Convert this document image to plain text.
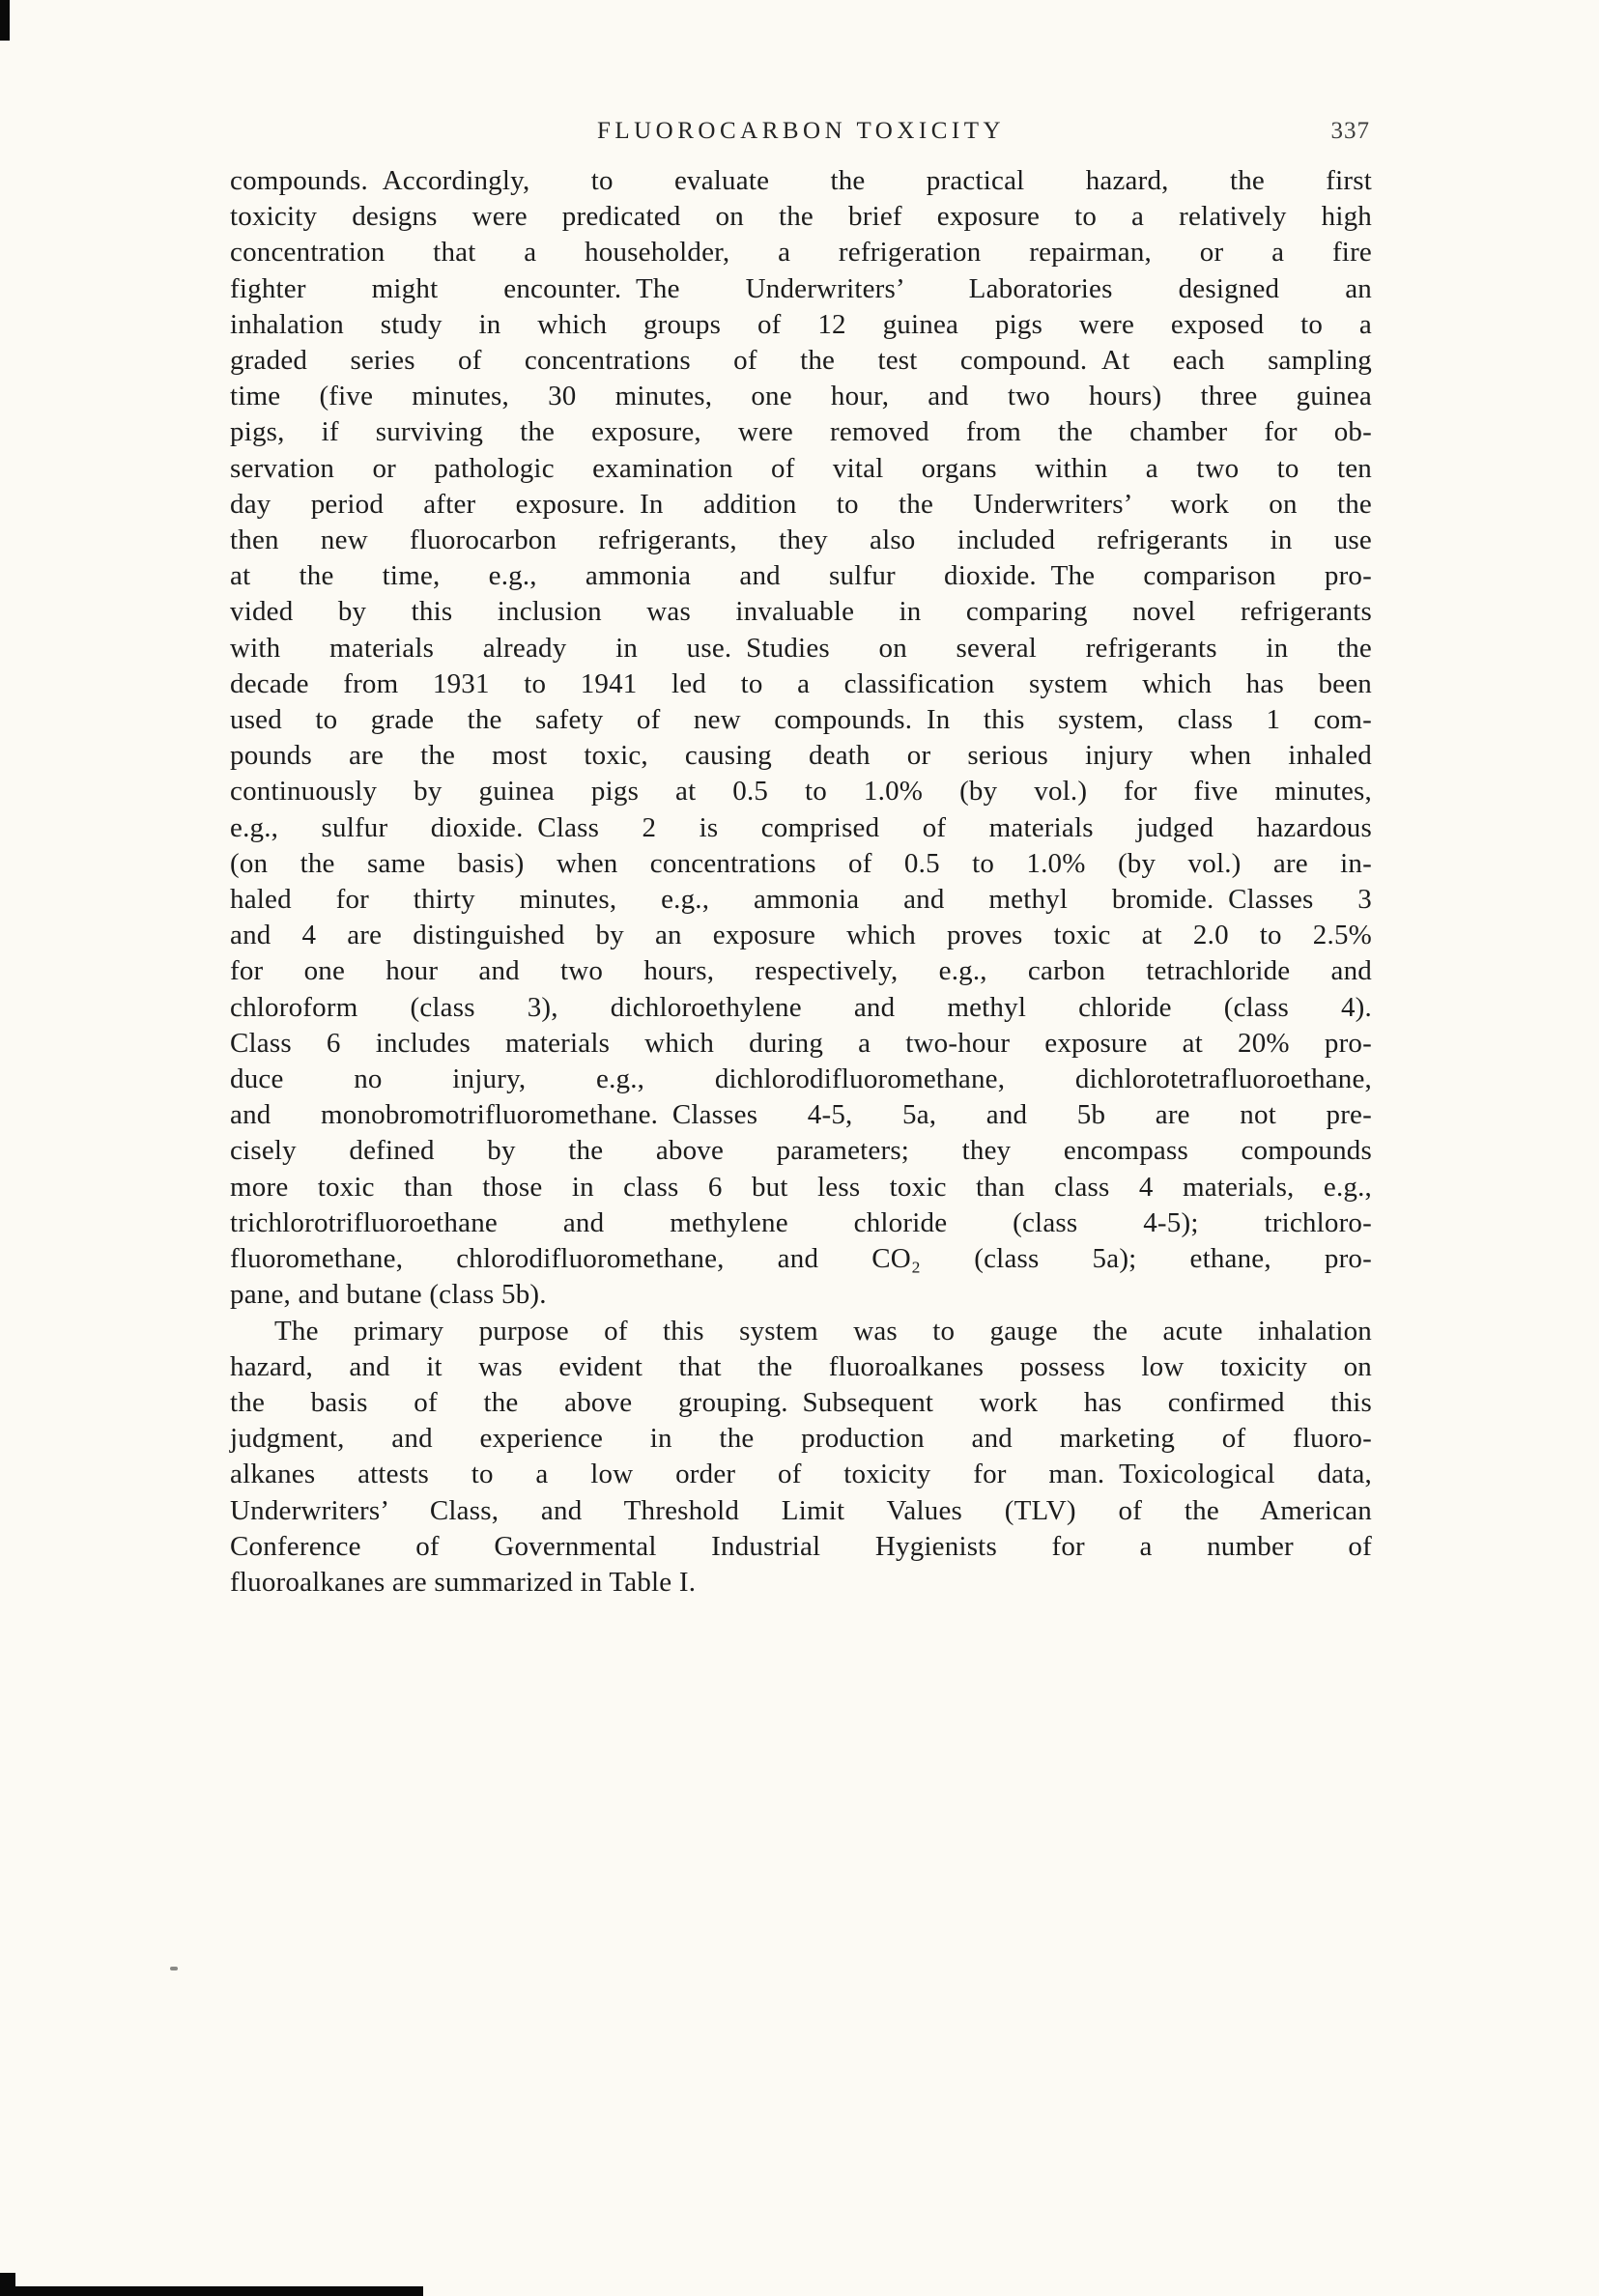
FLUOROCARBON TOXICITY	337
compounds. Accordingly, to evaluate the practical hazard, the first
toxicity designs were predicated on the brief exposure to a relatively high
concentration that a householder, a refrigeration repairman, or a fire
fighter might encounter. The Underwriters’ Laboratories designed an
inhalation study in which groups of 12 guinea pigs were exposed to a
graded series of concentrations of the test compound. At each sampling
time (five minutes, 30 minutes, one hour, and two hours) three guinea
pigs, if surviving the exposure, were removed from the chamber for ob-
servation or pathologic examination of vital organs within a two to ten
day period after exposure. In addition to the Underwriters’ work on the
then new fluorocarbon refrigerants, they also included refrigerants in use
at the time, e.g., ammonia and sulfur dioxide. The comparison pro-
vided by this inclusion was invaluable in comparing novel refrigerants
with materials already in use. Studies on several refrigerants in the
decade from 1931 to 1941 led to a classification system which has been
used to grade the safety of new compounds. In this system, class 1 com-
pounds are the most toxic, causing death or serious injury when inhaled
continuously by guinea pigs at 0.5 to 1.0% (by vol.) for five minutes,
e.g., sulfur dioxide. Class 2 is comprised of materials judged hazardous
(on the same basis) when concentrations of 0.5 to 1.0% (by vol.) are in-
haled for thirty minutes, e.g., ammonia and methyl bromide. Classes 3
and 4 are distinguished by an exposure which proves toxic at 2.0 to 2.5%
for one hour and two hours, respectively, e.g., carbon tetrachloride and
chloroform (class 3), dichloroethylene and methyl chloride (class 4).
Class 6 includes materials which during a two-hour exposure at 20% pro-
duce no injury, e.g., dichlorodifluoromethane, dichlorotetrafluoroethane,
and monobromotrifluoromethane. Classes 4-5, 5a, and 5b are not pre-
cisely defined by the above parameters; they encompass compounds
more toxic than those in class 6 but less toxic than class 4 materials, e.g.,
trichlorotrifluoroethane and methylene chloride (class 4-5); trichloro-
fluoromethane, chlorodifluoromethane, and CO₂ (class 5a); ethane, pro-
pane, and butane (class 5b).
The primary purpose of this system was to gauge the acute inhalation
hazard, and it was evident that the fluoroalkanes possess low toxicity on
the basis of the above grouping. Subsequent work has confirmed this
judgment, and experience in the production and marketing of fluoro-
alkanes attests to a low order of toxicity for man. Toxicological data,
Underwriters’ Class, and Threshold Limit Values (TLV) of the American
Conference of Governmental Industrial Hygienists for a number of
fluoroalkanes are summarized in Table I.
